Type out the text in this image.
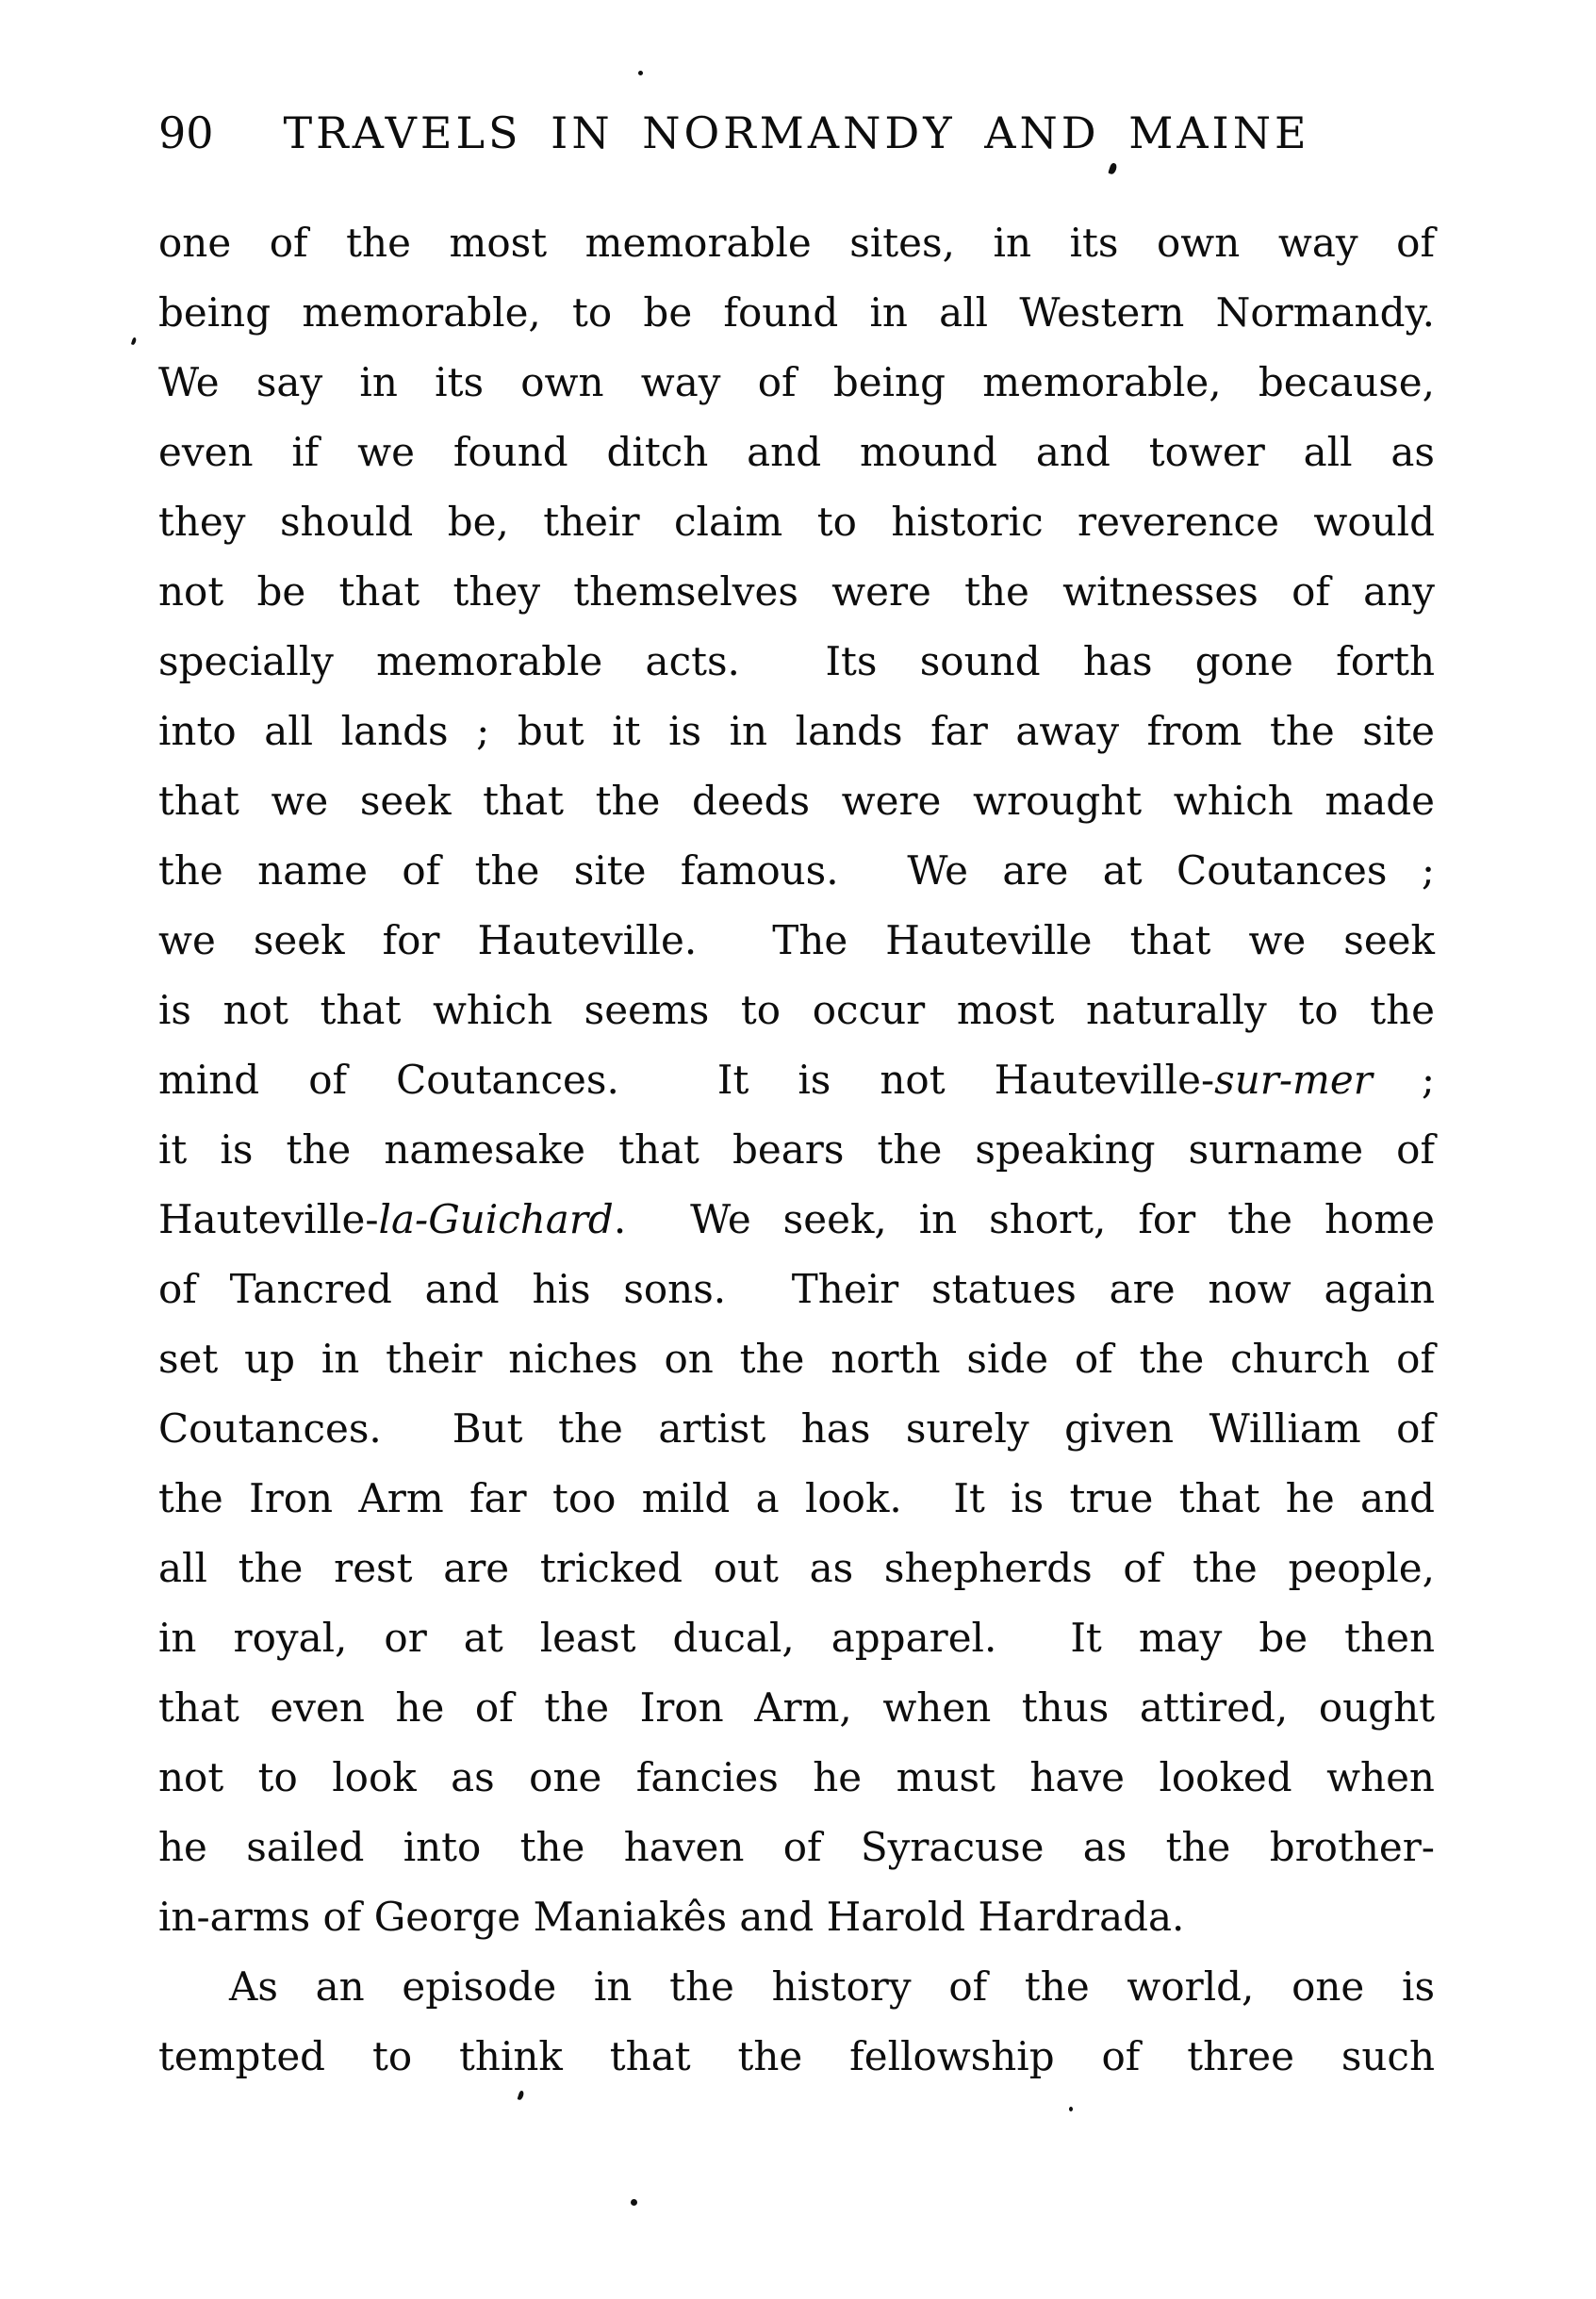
90	TRAVELS IN NORMANDY AND MAINE
one of the most memorable sites, in its own way of
being memorable, to be found in all Western Normandy.
We say in its own way of being memorable, because,
even if we found ditch and mound and tower all as
they should be, their claim to historic reverence would
not be that they themselves were the witnesses of any
specially memorable acts.  Its sound has gone forth
into all lands ; but it is in lands far away from the site
that we seek that the deeds were wrought which made
the name of the site famous.  We are at Coutances ;
we seek for Hauteville.  The Hauteville that we seek
is not that which seems to occur most naturally to the
mind of Coutances.  It is not Hauteville-sur-mer ;
it is the namesake that bears the speaking surname of
Hauteville-la-Guichard.  We seek, in short, for the home
of Tancred and his sons.  Their statues are now again
set up in their niches on the north side of the church of
Coutances.  But the artist has surely given William of
the Iron Arm far too mild a look.  It is true that he and
all the rest are tricked out as shepherds of the people,
in royal, or at least ducal, apparel.  It may be then
that even he of the Iron Arm, when thus attired, ought
not to look as one fancies he must have looked when
he sailed into the haven of Syracuse as the brother-
in-arms of George Maniakês and Harold Hardrada.
As an episode in the history of the world, one is
tempted to think that the fellowship of three such
